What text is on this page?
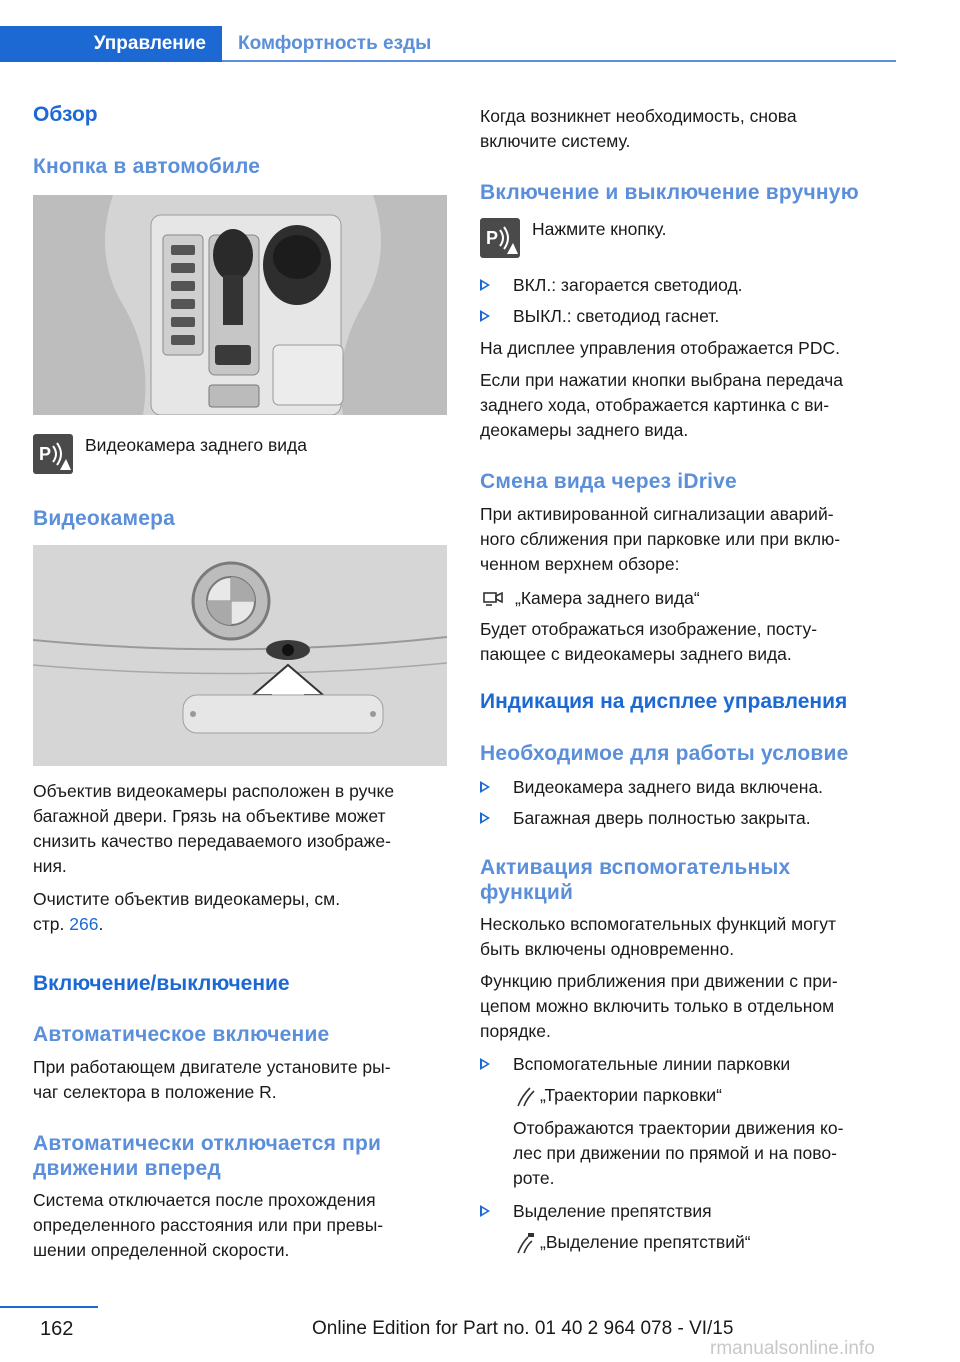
Управление	Комфортность езды
Обзор
Кнопка в автомобиле
P Видеокамера заднего вида
Видеокамера
Объектив видеокамеры расположен в ручке
багажной двери. Грязь на объективе может
снизить качество передаваемого изображе-
ния.
Очистите объектив видеокамеры, см.
стр. 266.
Включение/выключение
Автоматическое включение
При работающем двигателе установите ры-
чаг селектора в положение R.
Автоматически отключается при
движении вперед
Система отключается после прохождения
определенного расстояния или при превы-
шении определенной скорости.
Когда возникнет необходимость, снова
включите систему.
Включение и выключение вручную
P Нажмите кнопку.
ВКЛ.: загорается светодиод.
ВЫКЛ.: светодиод гаснет.
На дисплее управления отображается PDC.
Если при нажатии кнопки выбрана передача
заднего хода, отображается картинка с ви-
деокамеры заднего вида.
Смена вида через iDrive
При активированной сигнализации аварий-
ного сближения при парковке или при вклю-
ченном верхнем обзоре:
„Камера заднего вида“
Будет отображаться изображение, посту-
пающее с видеокамеры заднего вида.
Индикация на дисплее управления
Необходимое для работы условие
Видеокамера заднего вида включена.
Багажная дверь полностью закрыта.
Активация вспомогательных
функций
Несколько вспомогательных функций могут
быть включены одновременно.
Функцию приближения при движении с при-
цепом можно включить только в отдельном
порядке.
Вспомогательные линии парковки
„Траектории парковки“
Отображаются траектории движения ко-
лес при движении по прямой и на пово-
роте.
Выделение препятствия
„Выделение препятствий“
162	Online Edition for Part no. 01 40 2 964 078 - VI/15
rmanualsonline.info
